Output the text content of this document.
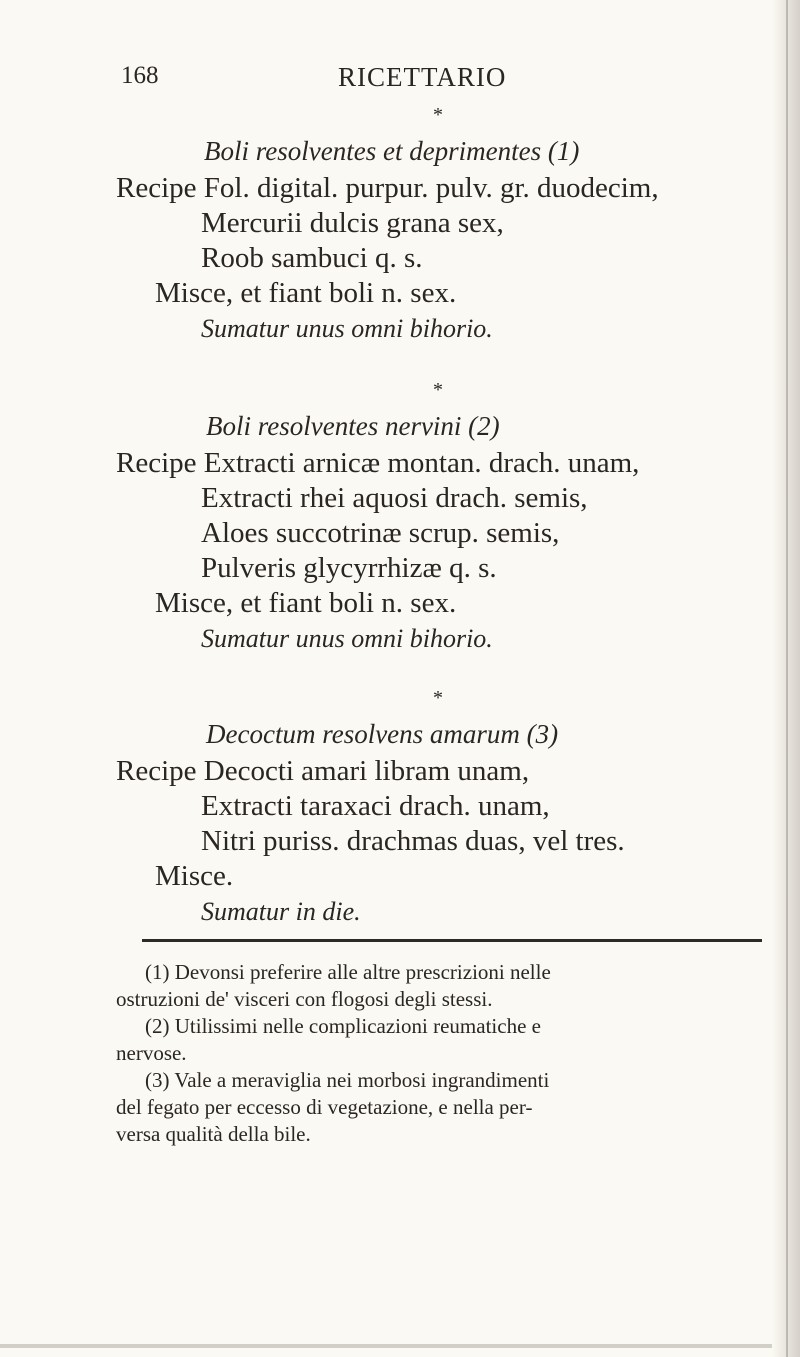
168	RICETTARIO
*
Boli resolventes et deprimentes (1)
Recipe Fol. digital. purpur. pulv. gr. duodecim,
Mercurii dulcis grana sex,
Roob sambuci q. s.
Misce, et fiant boli n. sex.
Sumatur unus omni bihorio.
*
Boli resolventes nervini (2)
Recipe Extracti arnicæ montan. drach. unam,
Extracti rhei aquosi drach. semis,
Aloes succotrinæ scrup. semis,
Pulveris glycyrrhizæ q. s.
Misce, et fiant boli n. sex.
Sumatur unus omni bihorio.
*
Decoctum resolvens amarum (3)
Recipe Decocti amari libram unam,
Extracti taraxaci drach. unam,
Nitri puriss. drachmas duas, vel tres.
Misce.
Sumatur in die.
(1) Devonsi preferire alle altre prescrizioni nelle
ostruzioni de' visceri con flogosi degli stessi.
(2) Utilissimi nelle complicazioni reumatiche e
nervose.
(3) Vale a meraviglia nei morbosi ingrandimenti
del fegato per eccesso di vegetazione, e nella per-
versa qualità della bile.
